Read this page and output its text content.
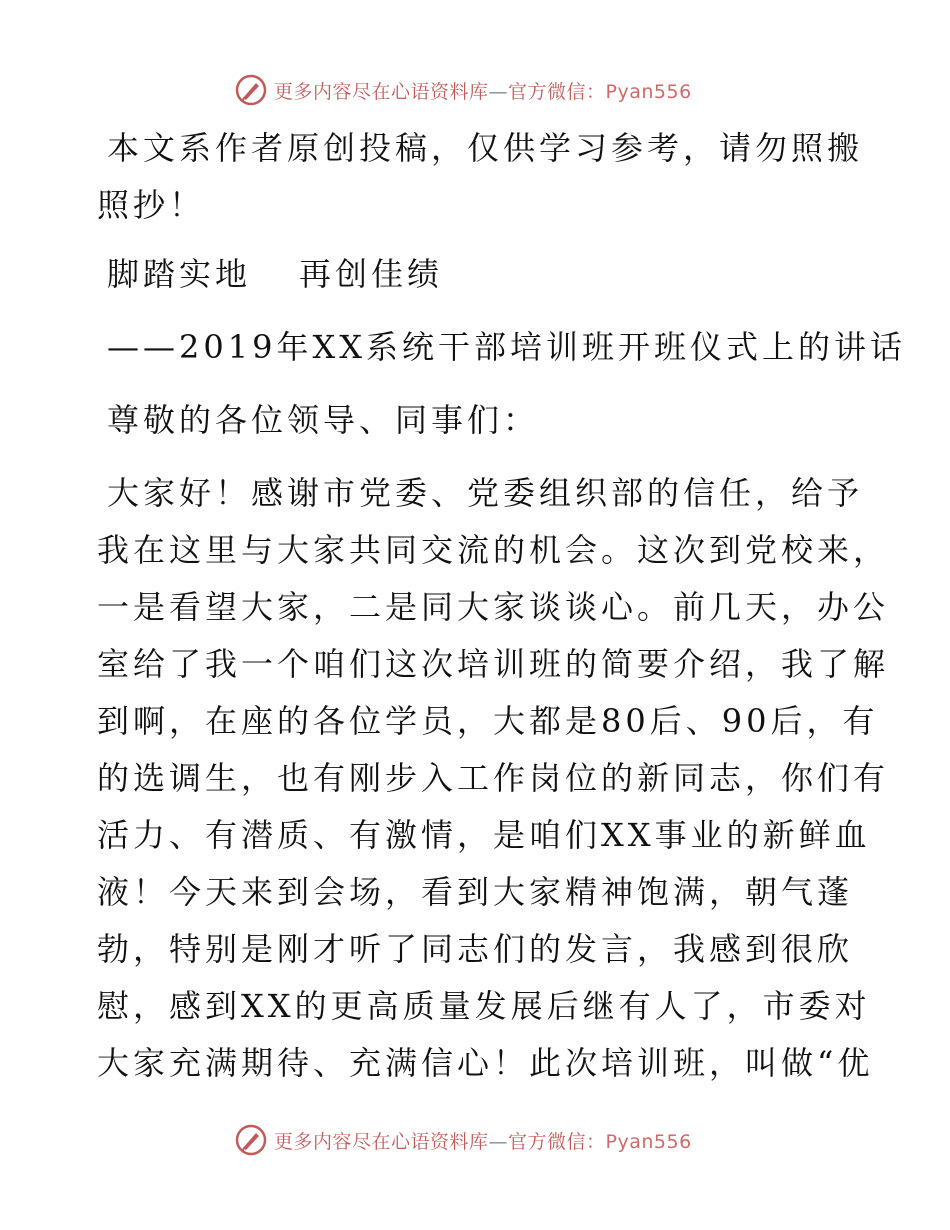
更多内容尽在心语资料库—官方微信：Pyan556
本文系作者原创投稿，仅供学习参考，请勿照搬
照抄！
脚踏实地 再创佳绩
——2019年XX系统干部培训班开班仪式上的讲话
尊敬的各位领导、同事们：
大家好！感谢市党委、党委组织部的信任，给予
我在这里与大家共同交流的机会。这次到党校来，
一是看望大家，二是同大家谈谈心。前几天，办公
室给了我一个咱们这次培训班的简要介绍，我了解
到啊，在座的各位学员，大都是80后、90后，有
的选调生，也有刚步入工作岗位的新同志，你们有
活力、有潜质、有激情，是咱们XX事业的新鲜血
液！今天来到会场，看到大家精神饱满，朝气蓬
勃，特别是刚才听了同志们的发言，我感到很欣
慰，感到XX的更高质量发展后继有人了，市委对
大家充满期待、充满信心！此次培训班，叫做“优
更多内容尽在心语资料库—官方微信：Pyan556
